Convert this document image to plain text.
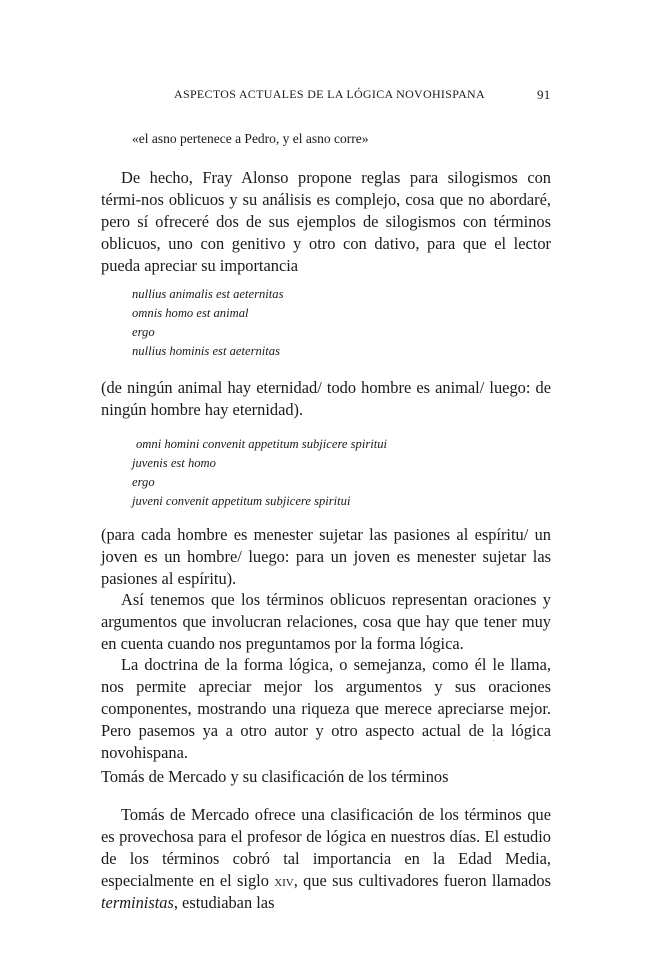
ASPECTOS ACTUALES DE LA LÓGICA NOVOHISPANA	91

«el asno pertenece a Pedro, y el asno corre»

De hecho, Fray Alonso propone reglas para silogismos con térmi-nos oblicuos y su análisis es complejo, cosa que no abordaré, pero sí ofreceré dos de sus ejemplos de silogismos con términos oblicuos, uno con genitivo y otro con dativo, para que el lector pueda apreciar su importancia

nullius animalis est aeternitas

omnis homo est animal

ergo

nullius hominis est aeternitas

(de ningún animal hay eternidad/ todo hombre es animal/ luego: de ningún hombre hay eternidad).

omni homini convenit appetitum subjicere spiritui

juvenis est homo

ergo

juveni convenit appetitum subjicere spiritui

(para cada hombre es menester sujetar las pasiones al espíritu/ un joven es un hombre/ luego: para un joven es menester sujetar las pasiones al espíritu).

Así tenemos que los términos oblicuos representan oraciones y argumentos que involucran relaciones, cosa que hay que tener muy en cuenta cuando nos preguntamos por la forma lógica.

La doctrina de la forma lógica, o semejanza, como él le llama, nos permite apreciar mejor los argumentos y sus oraciones componentes, mostrando una riqueza que merece apreciarse mejor. Pero pasemos ya a otro autor y otro aspecto actual de la lógica novohispana.

Tomás de Mercado y su clasificación de los términos

Tomás de Mercado ofrece una clasificación de los términos que es provechosa para el profesor de lógica en nuestros días. El estudio de los términos cobró tal importancia en la Edad Media, especialmente en el siglo xiv, que sus cultivadores fueron llamados terministas, estudiaban las
